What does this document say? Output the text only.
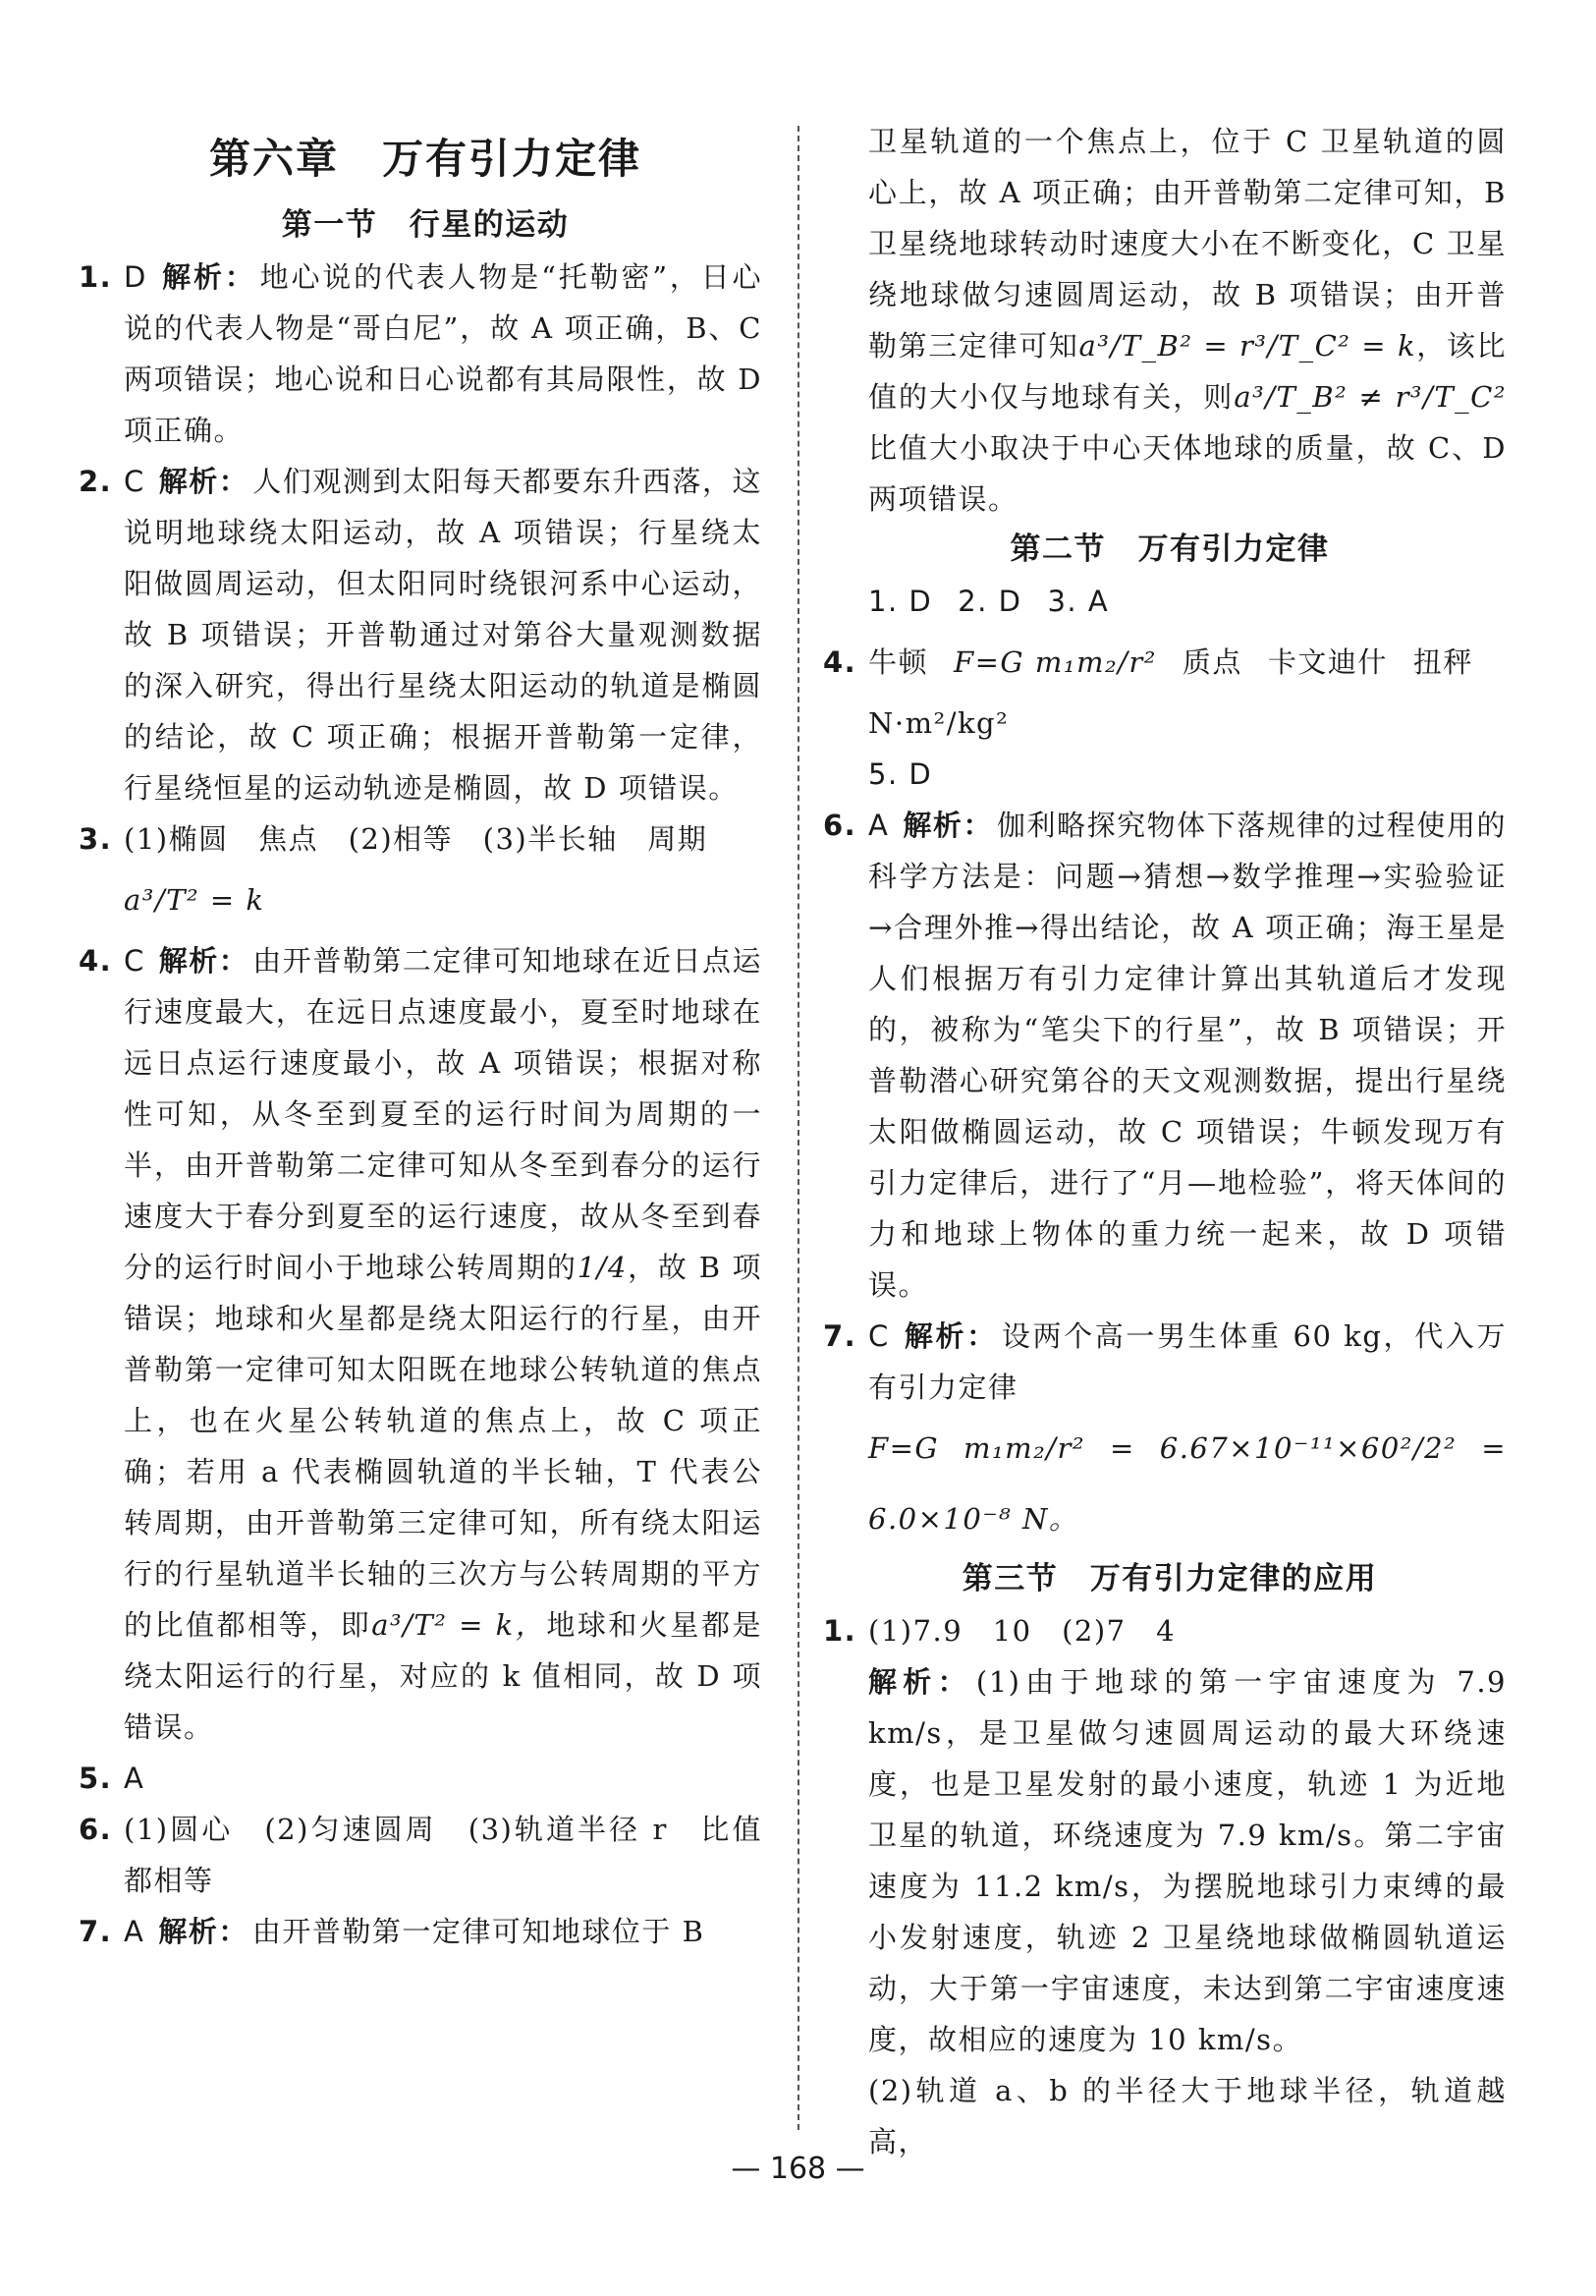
第六章　万有引力定律
第一节　行星的运动
1. D 解析： 地心说的代表人物是“托勒密”，日心说的代表人物是“哥白尼”，故 A 项正确，B、C 两项错误；地心说和日心说都有其局限性，故 D 项正确。
2. C 解析： 人们观测到太阳每天都要东升西落，这说明地球绕太阳运动，故 A 项错误；行星绕太阳做圆周运动，但太阳同时绕银河系中心运动，故 B 项错误；开普勒通过对第谷大量观测数据的深入研究，得出行星绕太阳运动的轨道是椭圆的结论，故 C 项正确；根据开普勒第一定律，行星绕恒星的运动轨迹是椭圆，故 D 项错误。
3. (1)椭圆　焦点　(2)相等　(3)半长轴　周期
a³/T² = k
4. C 解析： 由开普勒第二定律可知地球在近日点运行速度最大，在远日点速度最小，夏至时地球在远日点运行速度最小，故 A 项错误；根据对称性可知，从冬至到夏至的运行时间为周期的一半，由开普勒第二定律可知从冬至到春分的运行速度大于春分到夏至的运行速度，故从冬至到春分的运行时间小于地球公转周期的1/4，故 B 项错误；地球和火星都是绕太阳运行的行星，由开普勒第一定律可知太阳既在地球公转轨道的焦点上，也在火星公转轨道的焦点上，故 C 项正确；若用 a 代表椭圆轨道的半长轴，T 代表公转周期，由开普勒第三定律可知，所有绕太阳运行的行星轨道半长轴的三次方与公转周期的平方的比值都相等，即a³/T² = k，地球和火星都是绕太阳运行的行星，对应的 k 值相同，故 D 项错误。
5. A
6. (1)圆心　(2)匀速圆周　(3)轨道半径 r　比值都相等
7. A 解析： 由开普勒第一定律可知地球位于 B
卫星轨道的一个焦点上，位于 C 卫星轨道的圆心上，故 A 项正确；由开普勒第二定律可知，B 卫星绕地球转动时速度大小在不断变化，C 卫星绕地球做匀速圆周运动，故 B 项错误；由开普勒第三定律可知a³/T_B² = r³/T_C² = k，该比值的大小仅与地球有关，则a³/T_B² ≠ r³/T_C²比值大小取决于中心天体地球的质量，故 C、D 两项错误。
第二节　万有引力定律
1. D 2. D 3. A
4. 牛顿 F=G m₁m₂/r² 质点 卡文迪什 扭秤
N·m²/kg²
5. D
6. A 解析： 伽利略探究物体下落规律的过程使用的科学方法是：问题→猜想→数学推理→实验验证→合理外推→得出结论，故 A 项正确；海王星是人们根据万有引力定律计算出其轨道后才发现的，被称为“笔尖下的行星”，故 B 项错误；开普勒潜心研究第谷的天文观测数据，提出行星绕太阳做椭圆运动，故 C 项错误；牛顿发现万有引力定律后，进行了“月—地检验”，将天体间的力和地球上物体的重力统一起来，故 D 项错误。
7. C 解析： 设两个高一男生体重 60 kg，代入万有引力定律
F=G m₁m₂/r² = 6.67×10⁻¹¹×60²/2² = 6.0×10⁻⁸ N。
第三节　万有引力定律的应用
1. (1)7.9　10　(2)7　4
解析： (1)由于地球的第一宇宙速度为 7.9 km/s，是卫星做匀速圆周运动的最大环绕速度，也是卫星发射的最小速度，轨迹 1 为近地卫星的轨道，环绕速度为 7.9 km/s。第二宇宙速度为 11.2 km/s，为摆脱地球引力束缚的最小发射速度，轨迹 2 卫星绕地球做椭圆轨道运动，大于第一宇宙速度，未达到第二宇宙速度速度，故相应的速度为 10 km/s。
(2)轨道 a、b 的半径大于地球半径，轨道越高，
— 168 —
